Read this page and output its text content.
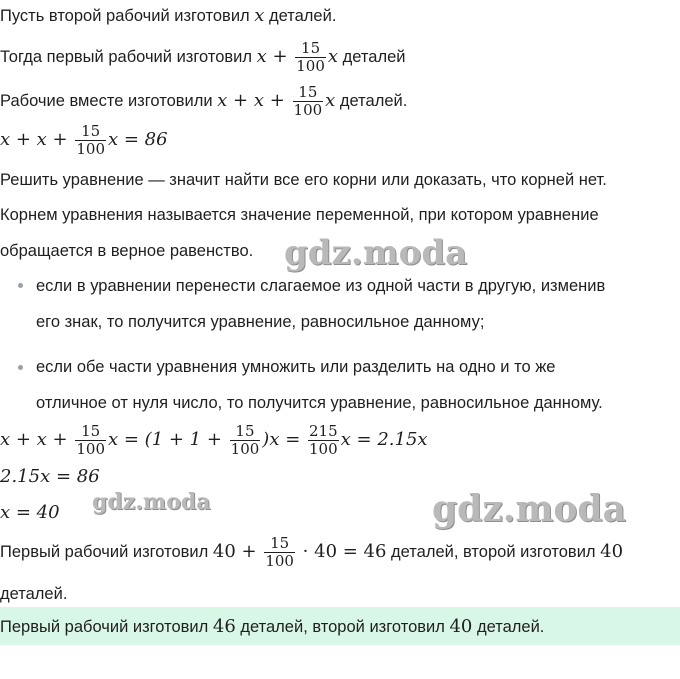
Пусть второй рабочий изготовил x деталей.
Тогда первый рабочий изготовил $x + \frac{15}{100}$ x деталей
Рабочие вместе изготовили $x + x + \frac{15}{100}$ x деталей.
$x + x + \frac{15}{100}$ x = 86
Решить уравнение — значит найти все его корни или доказать, что корней нет.
Корнем уравнения называется значение переменной, при котором уравнение
обращается в верное равенство.
если в уравнении перенести слагаемое из одной части в другую, изменив
его знак, то получится уравнение, равносильное данному;
если обе части уравнения умножить или разделить на одно и то же
отличное от нуля число, то получится уравнение, равносильное данному.
$x + x + \frac{15}{100}$ $x = (1 + 1 + \frac{15}{100} )x = \frac{215}{100}$ x = 2.15x
2.15x = 86
x = 40
Первый рабочий изготовил $40 + \frac{15}{100} \cdot 40 = 46$ деталей, второй изготовил 40
деталей.
Первый рабочий изготовил 46 деталей, второй изготовил 40 деталей.
gdz.moda
gdz.moda	gdz.moda
